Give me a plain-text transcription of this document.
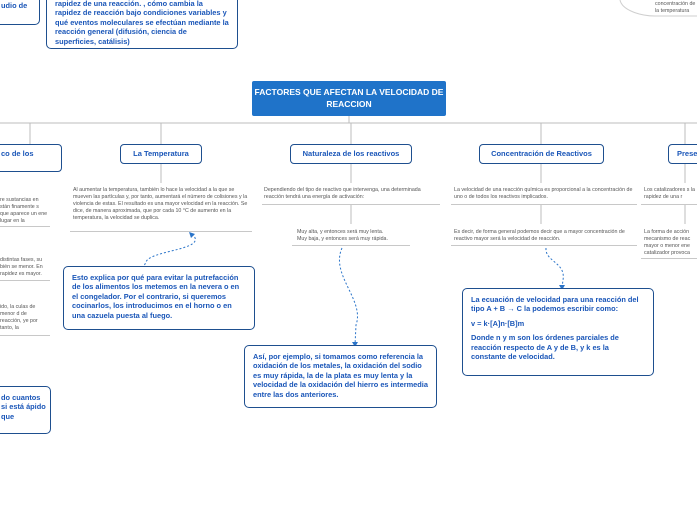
FACTORES QUE AFECTAN LA VELOCIDAD DE REACCION
udio de	rapidez de una reacción. , cómo cambia la rapidez de reacción bajo condiciones variables y qué eventos moleculares se efectúan mediante la reacción general (difusión, ciencia de superficies, catálisis)
concentración de la temperatura
co de los	La Temperatura	Naturaleza de los reactivos	Concentración de Reactivos	Prese
Al aumentar la temperatura, también lo hace la velocidad a la que se mueven las partículas y, por tanto, aumentará el número de colisiones y la violencia de estas. El resultado es una mayor velocidad en la reacción. Se dice, de manera aproximada, que por cada 10 °C de aumento en la temperatura, la velocidad se duplica.
Dependiendo del tipo de reactivo que intervenga, una determinada reacción tendrá una energía de activación:
Muy alta, y entonces será muy lenta.
Muy baja, y entonces será muy rápida.
La velocidad de una reacción química es proporcional a la concentración de uno o de todos los reactivos implicados.
Es decir, de forma general podemos decir que a mayor concentración de reactivo mayor será la velocidad de reacción.
Los catalizadores s la rapidez de una r
La forma de acción mecanismo de reac mayor o menor ene catalizador provoca
re sustancias en stán finamente s que aparece un ene lugar en la
distintas fases, su bién se menor. En rapidez es mayor.
ido, la culas de menor d de reacción, ye por tanto, la
Esto explica por qué para evitar la putrefacción de los alimentos los metemos en la nevera o en el congelador. Por el contrario, si queremos cocinarlos, los introducimos en el horno o en una cazuela puesta al fuego.
Así, por ejemplo, si tomamos como referencia la oxidación de los metales, la oxidación del sodio es muy rápida, la de la plata es muy lenta y la velocidad de la oxidación del hierro es intermedia entre las dos anteriores.
La ecuación de velocidad para una reacción del tipo A + B → C la podemos escribir como:
v = k·[A]n·[B]m
Donde n y m son los órdenes parciales de reacción respecto de A y de B, y k es la constante de velocidad.
do cuantos si está ápido que
